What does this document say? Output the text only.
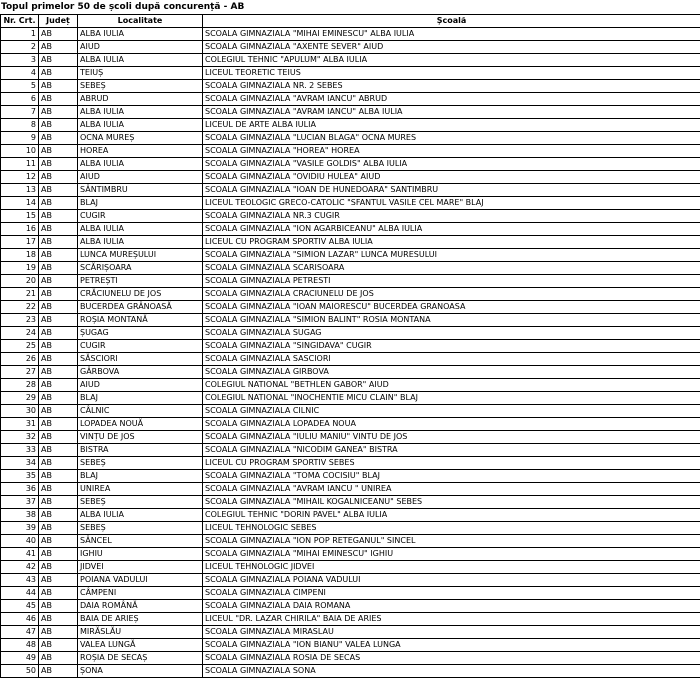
Topul primelor 50 de școli după concurență - AB
Nr. Crt.	Județ	Localitate	Școală
1	AB	ALBA IULIA	SCOALA GIMNAZIALA "MIHAI EMINESCU" ALBA IULIA
2	AB	AIUD	SCOALA GIMNAZIALA "AXENTE SEVER" AIUD
3	AB	ALBA IULIA	COLEGIUL TEHNIC "APULUM" ALBA IULIA
4	AB	TEIUȘ	LICEUL TEORETIC TEIUS
5	AB	SEBEȘ	SCOALA GIMNAZIALA NR. 2 SEBES
6	AB	ABRUD	SCOALA GIMNAZIALA "AVRAM IANCU" ABRUD
7	AB	ALBA IULIA	SCOALA GIMNAZIALA "AVRAM IANCU" ALBA IULIA
8	AB	ALBA IULIA	LICEUL DE ARTE ALBA IULIA
9	AB	OCNA MUREȘ	SCOALA GIMNAZIALA "LUCIAN BLAGA" OCNA MURES
10	AB	HOREA	SCOALA GIMNAZIALA "HOREA" HOREA
11	AB	ALBA IULIA	SCOALA GIMNAZIALA "VASILE GOLDIS" ALBA IULIA
12	AB	AIUD	SCOALA GIMNAZIALA "OVIDIU HULEA" AIUD
13	AB	SÂNTIMBRU	SCOALA GIMNAZIALA "IOAN DE HUNEDOARA" SANTIMBRU
14	AB	BLAJ	LICEUL TEOLOGIC GRECO-CATOLIC "SFANTUL VASILE CEL MARE" BLAJ
15	AB	CUGIR	SCOALA GIMNAZIALA NR.3 CUGIR
16	AB	ALBA IULIA	SCOALA GIMNAZIALA "ION AGARBICEANU" ALBA IULIA
17	AB	ALBA IULIA	LICEUL CU PROGRAM SPORTIV ALBA IULIA
18	AB	LUNCA MUREȘULUI	SCOALA GIMNAZIALA "SIMION LAZAR" LUNCA MURESULUI
19	AB	SCĂRIȘOARA	SCOALA GIMNAZIALA SCARISOARA
20	AB	PETREȘTI	SCOALA GIMNAZIALA PETRESTI
21	AB	CRĂCIUNELU DE JOS	SCOALA GIMNAZIALA CRACIUNELU DE JOS
22	AB	BUCERDEA GRÂNOASĂ	SCOALA GIMNAZIALA "IOAN MAIORESCU" BUCERDEA GRANOASA
23	AB	ROȘIA MONTANĂ	SCOALA GIMNAZIALA "SIMION BALINT" ROSIA MONTANA
24	AB	ȘUGAG	SCOALA GIMNAZIALA SUGAG
25	AB	CUGIR	SCOALA GIMNAZIALA "SINGIDAVA" CUGIR
26	AB	SĂSCIORI	SCOALA GIMNAZIALA SASCIORI
27	AB	GÂRBOVA	SCOALA GIMNAZIALA GIRBOVA
28	AB	AIUD	COLEGIUL NATIONAL "BETHLEN GABOR" AIUD
29	AB	BLAJ	COLEGIUL NATIONAL "INOCHENTIE MICU CLAIN" BLAJ
30	AB	CÂLNIC	SCOALA GIMNAZIALA CILNIC
31	AB	LOPADEA NOUĂ	SCOALA GIMNAZIALA LOPADEA NOUA
32	AB	VINȚU DE JOS	SCOALA GIMNAZIALA "IULIU MANIU" VINTU DE JOS
33	AB	BISTRA	SCOALA GIMNAZIALA "NICODIM GANEA" BISTRA
34	AB	SEBEȘ	LICEUL CU PROGRAM SPORTIV SEBES
35	AB	BLAJ	SCOALA GIMNAZIALA "TOMA COCISIU" BLAJ
36	AB	UNIREA	SCOALA GIMNAZIALA "AVRAM IANCU " UNIREA
37	AB	SEBEȘ	SCOALA GIMNAZIALA "MIHAIL KOGALNICEANU" SEBES
38	AB	ALBA IULIA	COLEGIUL TEHNIC "DORIN PAVEL" ALBA IULIA
39	AB	SEBEȘ	LICEUL TEHNOLOGIC SEBES
40	AB	SÂNCEL	SCOALA GIMNAZIALA "ION POP RETEGANUL" SINCEL
41	AB	IGHIU	SCOALA GIMNAZIALA "MIHAI EMINESCU" IGHIU
42	AB	JIDVEI	LICEUL TEHNOLOGIC JIDVEI
43	AB	POIANA VADULUI	SCOALA GIMNAZIALA POIANA VADULUI
44	AB	CÂMPENI	SCOALA GIMNAZIALA CIMPENI
45	AB	DAIA ROMÂNĂ	SCOALA GIMNAZIALA DAIA ROMANA
46	AB	BAIA DE ARIEȘ	LICEUL "DR. LAZAR CHIRILA" BAIA DE ARIES
47	AB	MIRĂSLĂU	SCOALA GIMNAZIALA MIRASLAU
48	AB	VALEA LUNGĂ	SCOALA GIMNAZIALA "ION BIANU" VALEA LUNGA
49	AB	ROȘIA DE SECAȘ	SCOALA GIMNAZIALA ROSIA DE SECAS
50	AB	ȘONA	SCOALA GIMNAZIALA SONA
